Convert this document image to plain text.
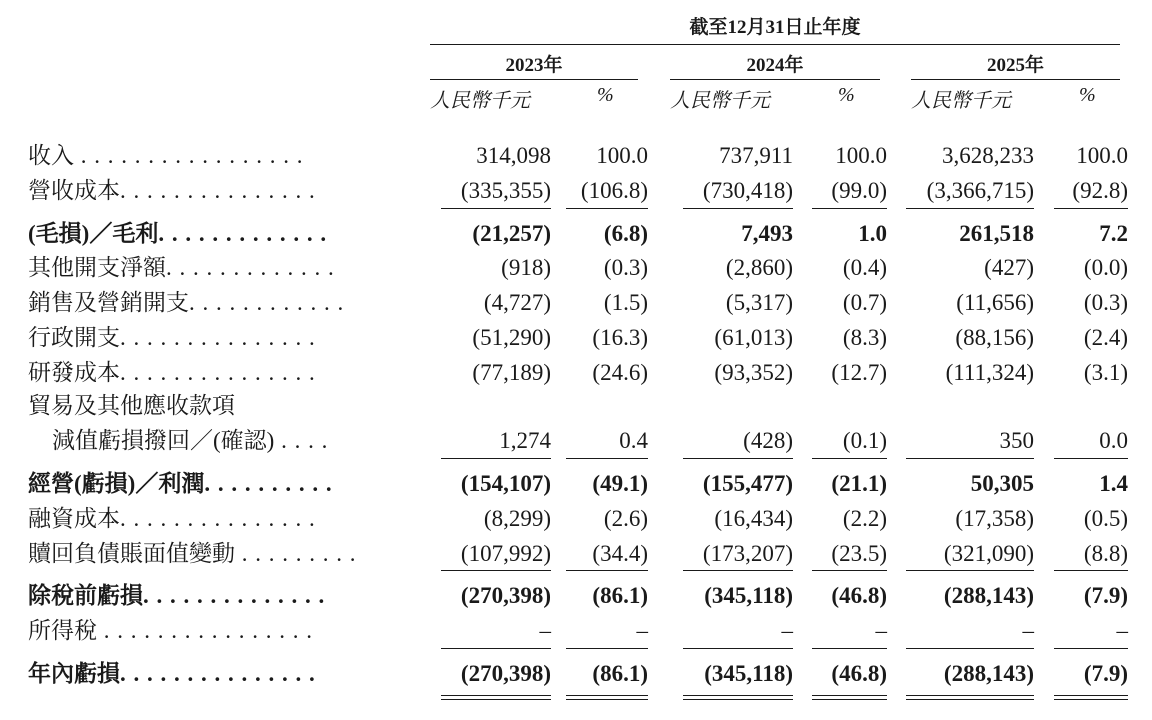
截至12月31日止年度
2023年	2024年	2025年
人民幣千元	%	人民幣千元	%	人民幣千元	%
收入 . . . . . . . . . . . . . . . . .	314,098	100.0	737,911	100.0	3,628,233	100.0
營收成本. . . . . . . . . . . . . . .	(335,355)	(106.8)	(730,418)	(99.0)	(3,366,715)	(92.8)
(毛損)／毛利. . . . . . . . . . . . .	(21,257)	(6.8)	7,493	1.0	261,518	7.2
其他開支淨額. . . . . . . . . . . . .	(918)	(0.3)	(2,860)	(0.4)	(427)	(0.0)
銷售及營銷開支. . . . . . . . . . . .	(4,727)	(1.5)	(5,317)	(0.7)	(11,656)	(0.3)
行政開支. . . . . . . . . . . . . . .	(51,290)	(16.3)	(61,013)	(8.3)	(88,156)	(2.4)
研發成本. . . . . . . . . . . . . . .	(77,189)	(24.6)	(93,352)	(12.7)	(111,324)	(3.1)
貿易及其他應收款項
減值虧損撥回／(確認) . . . .	1,274	0.4	(428)	(0.1)	350	0.0
經營(虧損)／利潤. . . . . . . . . .	(154,107)	(49.1)	(155,477)	(21.1)	50,305	1.4
融資成本. . . . . . . . . . . . . . .	(8,299)	(2.6)	(16,434)	(2.2)	(17,358)	(0.5)
贖回負債賬面值變動 . . . . . . . . .	(107,992)	(34.4)	(173,207)	(23.5)	(321,090)	(8.8)
除稅前虧損. . . . . . . . . . . . . .	(270,398)	(86.1)	(345,118)	(46.8)	(288,143)	(7.9)
所得稅 . . . . . . . . . . . . . . . .	–	–	–	–	–	–
年內虧損. . . . . . . . . . . . . . .	(270,398)	(86.1)	(345,118)	(46.8)	(288,143)	(7.9)
